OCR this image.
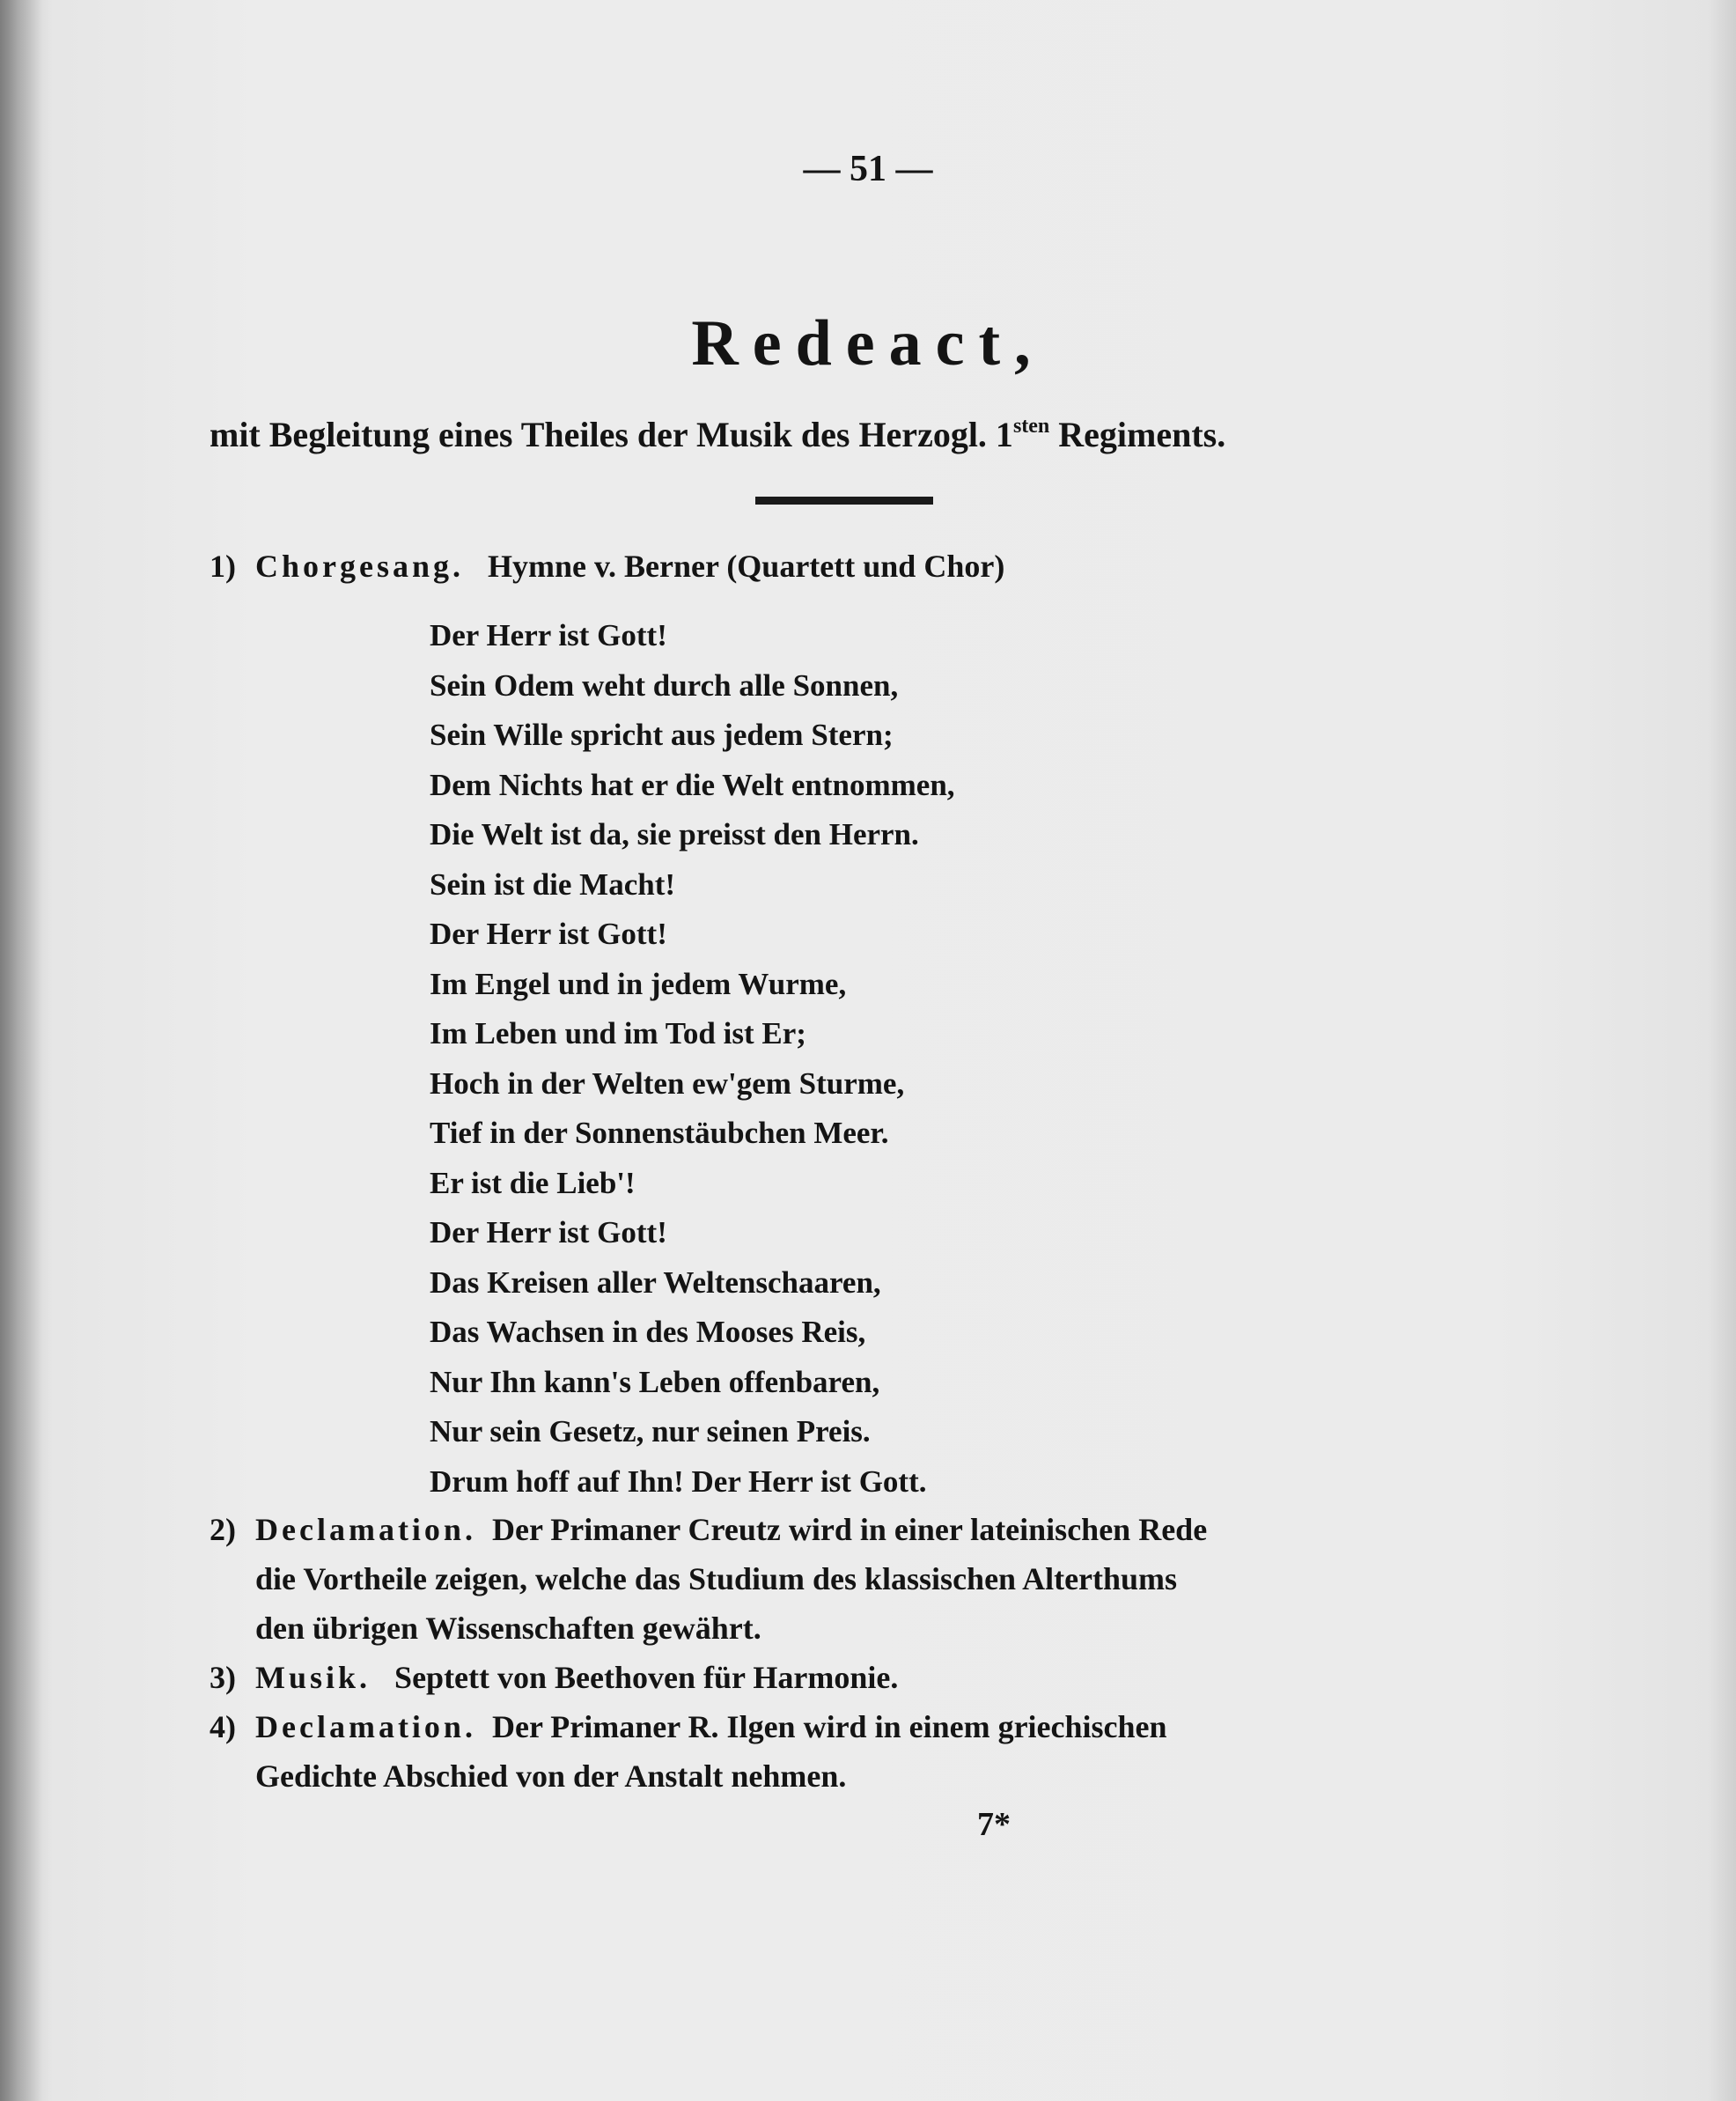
— 51 —
Redeact,
mit Begleitung eines Theiles der Musik des Herzogl. $1^{sten}$ Regiments.
1) Chorgesang. Hymne v. Berner (Quartett und Chor)
Der Herr ist Gott!
Sein Odem weht durch alle Sonnen,
Sein Wille spricht aus jedem Stern;
Dem Nichts hat er die Welt entnommen,
Die Welt ist da, sie preisst den Herrn.
Sein ist die Macht!
Der Herr ist Gott!
Im Engel und in jedem Wurme,
Im Leben und im Tod ist Er;
Hoch in der Welten ew'gem Sturme,
Tief in der Sonnenstäubchen Meer.
Er ist die Lieb'!
Der Herr ist Gott!
Das Kreisen aller Weltenschaaren,
Das Wachsen in des Mooses Reis,
Nur Ihn kann's Leben offenbaren,
Nur sein Gesetz, nur seinen Preis.
Drum hoff auf Ihn! Der Herr ist Gott.
2) Declamation. Der Primaner Creutz wird in einer lateinischen Rede
die Vortheile zeigen, welche das Studium des klassischen Alterthums
den übrigen Wissenschaften gewährt.
3) Musik. Septett von Beethoven für Harmonie.
4) Declamation. Der Primaner R. Ilgen wird in einem griechischen
Gedichte Abschied von der Anstalt nehmen.
7*
